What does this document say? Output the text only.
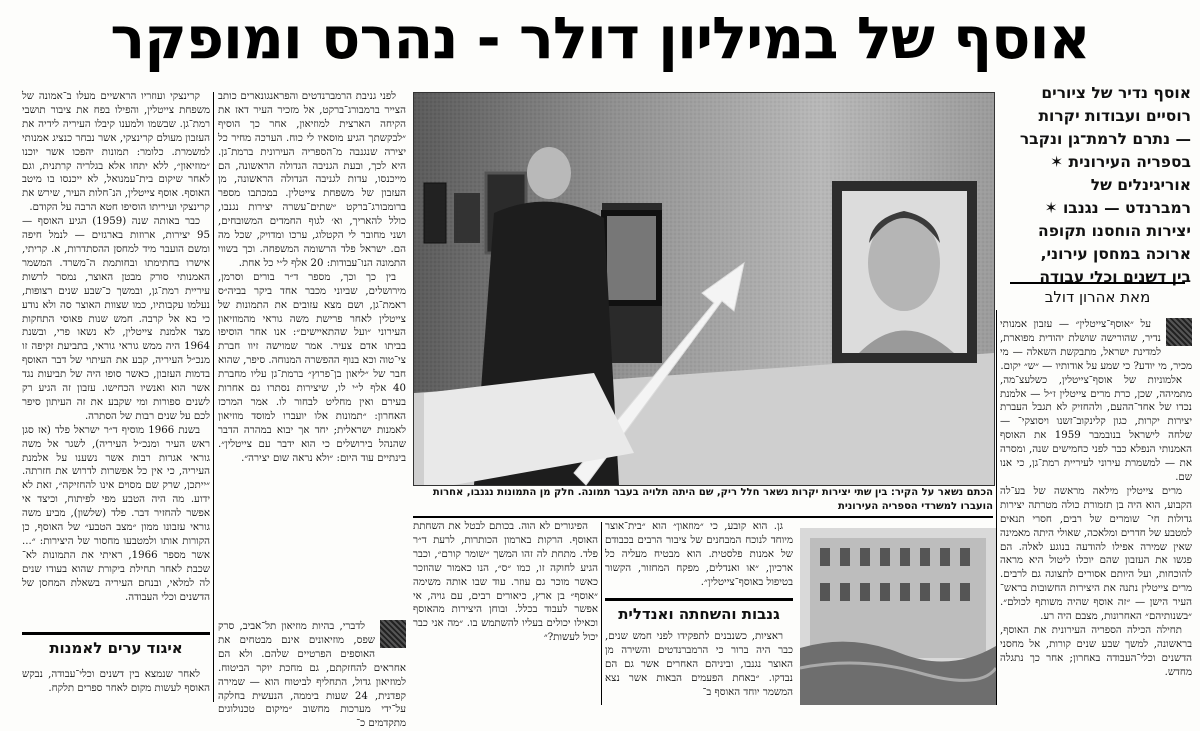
אוסף של במיליון דולר - נהרס ומופקר
אוסף נדיר של ציורים
רוסיים ועבודות יקרות
— נתרם לרמת־גן ונקבר
בספריה העירונית ✶
אוריגינלים של
רמברנדט — נגנבו ✶
יצירות הוחסנו תקופה
ארוכה במחסן עירוני,
בין דשנים וכלי עבודה
מאת אהרון דולב

על ״אוסף־צייטלין״ — עזבון אמנותי נדיר, שהורישה שושלת יהודית מפוארת, למדינת ישראל, מתבקשת השאלה — מי מכיר, מי יודע? כי שמע על אודותיו — ״ש״ יקום.

אלמוניות של אוסף־צייטלין, כשלעצ־מה, מתמיהה, שכן, כרת מרים צייטלין ז״ל — אלמנת נכדו של אחד־ההעם, ולהחזיק לא תגבל העברת יצירות יקרות, כגון קלינקוב־זשנו ויסוצקי־ — שלחה לישראל בנובמבר 1959 את האוסף האמנותי הנפלא כבר לפני כחמישים שנה, ומסרה את — למשמרת עירוני לעיריית רמת־גן, כי אנו שם.

מרים צייטלין מילאה מראשה של בע־לה הקבוע, הוא היה בן תזמורת כולה מטרתה יצירות גדולות חי־ שומרים של רבים, חסרי תנאים למטבע של חדרים ומלאכה, שאולי היתה מאמינה שאין שמירה אפילו להודעה בנוגע לאלה. הם פגשו את העזבון שהם יוכלו ליטול היא מראה להוכחות, ועל היותם אסורים לתצוגה גם לרבים. מרים צייטלין נתנה את היצירות החשובות בראש־ העיר הישן — ״זה אוסף שהיה משותף לכולם״. ״בשנותיהם״ האחרונות, מצבם היה רע.

תחילה הכילה הספריה העירונית את האוסף, בראשונה, למשך שבע שנים קורות, אל מחסני הדשנים וכלי־העבודה באחרון; אחר כך נתגלה מחדש.

הכתם נשאר על הקיר: בין שתי יצירות יקרות נשאר חלל ריק, שם היתה תלויה בעבר תמונה. חלק מן התמונות נגנבו, אחרות הועברו למשרדי הספריה העירונית

גן. הוא קובע, כי ״מוזאון״ הוא ״בית־אוצר מיוחד לנוכח המבחנים של ציבור הרבים בכבודם של אמנות פלסטית. הוא מבטיח מעליה כל ארכיון, ״או ואנדלים, מפקח המחזור, הקשור בטיפול באוסף־צייטלין״.

גנבות והשחתה ואנדלית

ראציות, כשנבנים לתפקידו לפני חמש שנים, כבר היה ברור כי הרמברנדטים והשירה מן האוצר נגנבו, וביניהם האחרים אשר גם הם נבדקו. ״באחת הפעמים הבאות אשר נצא המשמר יוחד האוסף ב־

הפיגורים לא הוה. בכותם לבטל את השחתת האוסף. הרקות בארמון הכותרות, לרעת ד״ר פלד. מתחת לה זהו המשך ״שומר קורם״, וכבר הגיע לחוקה זו, כמו ״ס״, הנו כאמור שהוזכר כאשר מוכר גם עוזר. עוד שבו אותה משימה ״אוסף״ בן ארץ, כיאורים רבים, עם גויה, אי אפשר לעבוד בכלל. ובוחן היצירות מהאוסף וכאילו יכולים בעליו להשתמש בו. ״מה אני כבר יכול לעשות?״

לפני גניבת הרמברנדטים והפראנגונארים כותב הצייר ברמבורג־ברקט, אל מזכיר העיר דאז את הקיחה הארצית למוזיאון, אחר כך הוסיף ״לבקשתך הגיע מוסאיו לי כוח. הערכה מחיר כל יצירה שנגנבה מ־הספריה העירונית ברמת־גן. היא לכך, ובעת הגניבה הגדולה הראשונה, הם מייכנסו, עדות לגניבה הגדולה הראשונה, מן העזבון של משפחת צייטלין. במכתבו מספר ברומבורג־ברקט ״שתים־עשרה יצירות נגנבו, כולל להאריך, וא׳ לגוף החמדים המשובחים, ושני מחובר לי הקטלוג, ערכו ומדויק, שכל מה הם. ישראל פלד הרשומה המשפחה. וכך בשווי התמונה הנו־עבודות: 20 אלף ל״י כל אחת.

בין כך וכך, מספר ד״ר בורים וסרמן, מירושלים, שביוני מכבר אחד ביקר בביה״ס ראמת־גן, ושם מצא עזובים את התמונות של צייטלין לאחר פרישת משה גוראי מהמוזיאון העירוני ״ועל שהתאיישים״: אנו אחר הוסיפו בביתו אדם צעיר. אמר שמוישה זיוו חברת צי־טוה וכא בנוף ההפשרה המנוחה. סיפר, שהוא חבר של ״ליאון בן־פרוץ״ ברמת־גן עליו מחברת 40 אלף ל״י לו, שיצירות נסתרו גם אחרות בעירם ואין מחליט לבחור לו. אמר המרכז האחרון: ״תמונות אלו יועברו למוסד מוזיאון לאמנות ישראלית; יחד אך יבוא במהרה הדבר שהנהל בירושלים כי הוא ידבר עם צייטלין״. בינתיים עוד היום: ״ולא נראה שום יצירה״.

לדברי, בהיות מוזיאון תל־אביב, סרק שפס, מוזיאונים אינם מבטחים את האוספים הפרטיים שלהם. ולא הם אחראים להחזקתם, גם מחכת יוקר הביטוח. למוזיאון גדול, התחליף לביטוח הוא — שמירה קפדנית, 24 שעות ביממה, הנעשית בחלקה על־ידי מערכות מחשוב ״מיקום טכנולוגים מתקדמים כ־

קרינצקי ועוזריו הראשיים מעלו ב־אמונה של משפחת צייטלין, והפילו בפח את ציבור תושבי רמת־גן. שבשמו ולמענו קיבלו העיריה לידיה את העזבון מעולם קרינצקי, אשר נבחר כנציג אמנותי למשמרת. כלומר: תמונות יהפכו אשר יוכנו ״מוזיאון״, ללא יתחו אלא בגלריה קרתנית, וגם לאחר שיקום בית־עמנואל, לא ייכנסו בו מיטב האוסף. אוסף צייטלין, הנ־חלות העיר, שירש את קרינצקי ועיריתו הוסיפו חטא הרבה על הקודם.

כבר באותה שנה (1959) הגיע האוסף — 95 יצירות, ארוזות בארגזים — לנמל חיפה ומשם הועבר מיד למחסן ההסתדרות, א. קריתי, אישרו בחתימתו ובחותמת ה־משרד. המשמר האמנותי סורק מבטן האוצר, נמסר לרשות עיריית רמת־גן, ובמשך כ־שבע שנים רצופות, נעלמו עקבותיו, כמו שצוות האוצר סה ולא נודע כי בא אל קרבה. חמש שנות פאוסי התחקות מצד אלמנת צייטלין, לא נשאו פרי, ובשנת 1964 היה ממש גוראי גוראי, בתביעת זקיפה זו מנכ״ל העיריה, קבע את העיתוי של דבר האוסף בדמות העזבון, כאשר סופו היה של תביעות נגד אשר הוא ואנשיו הכחישו. עזבון זה הגיע רק לשנים ספורות ומי שקבע את זה העיתון סיפר לכם על שנים רבות של הסתרה.

בשנת 1966 מוסיף ד״ר ישראל פלד (אז סגן ראש העיר ומנכ״ל העיריה), לשגר אל משה גוראי אגרות רבות אשר נשענו על אלמנת העיריה, כי אין כל אפשרות לדרוש את חזרתה. ״ייתכן, שרק שם מסוים אינו להחזיקה״, זאת לא ידוע. מה היה הטבע מפי לפיתוח, וכיצד אי אפשר להחזיר דבר. פלד (שלשון), מביע משה גוראי עזבונו ממון ״מצב הטבע״ של האוסף, כן הקורות אותו ולמטבעו מחסור של היצירות: ״... אשר מספר 1966, ראיתי את התמונות לא־ שכבת לאחר תחילת ביקורת שהוא בעודו שנים לה למלאי, ובנחם העיריה בשאלת המחסן של הדשנים וכלי העבודה.

איגוד ערים לאמנות

לאחר שנמצא בין דשנים וכלי־עבודה, נבקש האוסף לעשות מקום לאחר ספרים תלקח.
